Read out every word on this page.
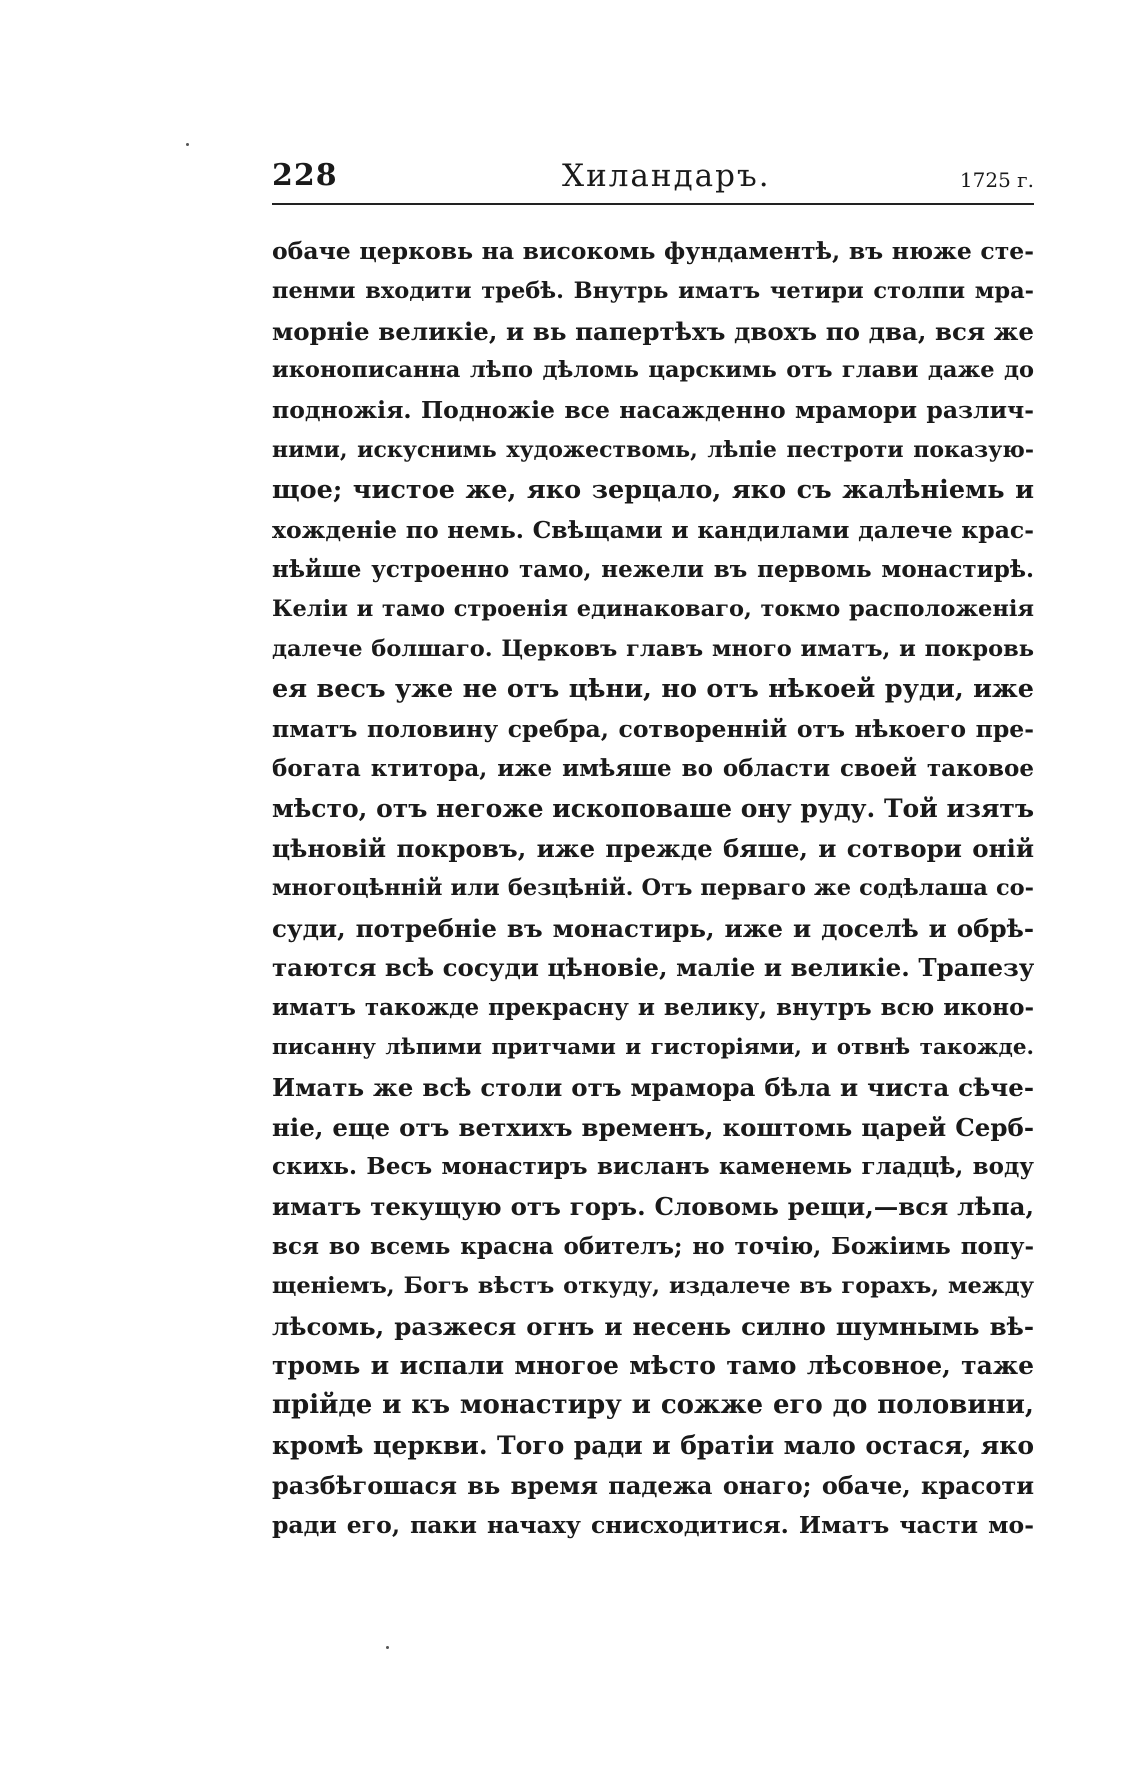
228	Хиландаръ.	1725 г.
обаче церковь на високомь фундаментѣ, въ нюже сте-
пенми входити требѣ. Внутрь иматъ четири столпи мра-
морніе великіе, и вь папертѣхъ двохъ по два, вся же
иконописанна лѣпо дѣломь царскимь отъ глави даже до
подножія. Подножіе все насажденно мрамори различ-
ними, искуснимь художествомь, лѣпіе пестроти показую-
щое; чистое же, яко зерцало, яко съ жалѣніемь и
хожденіе по немь. Свѣщами и кандилами далече крас-
нѣйше устроенно тамо, нежели въ первомь монастирѣ.
Келіи и тамо строенія единаковаго, токмо расположенія
далече болшаго. Церковъ главъ много иматъ, и покровь
ея весъ уже не отъ цѣни, но отъ нѣкоей руди, иже
пматъ половину сребра, сотвореннiй отъ нѣкоего пре-
богата ктитора, иже имѣяше во области своей таковое
мѣсто, отъ негоже ископоваше ону руду. Той изятъ
цѣновій покровъ, иже прежде бяше, и сотвори оній
многоцѣнній или безцѣній. Отъ перваго же содѣлаша со-
суди, потребніе въ монастирь, иже и доселѣ и обрѣ-
таются всѣ сосуди цѣновіе, маліе и великіе. Трапезу
иматъ такожде прекрасну и велику, внутръ всю иконо-
писанну лѣпими притчами и гисторіями, и отвнѣ такожде.
Имать же всѣ столи отъ мрамора бѣла и чиста сѣче-
ніе, еще отъ ветхихъ временъ, коштомь царей Серб-
скихь. Весъ монастиръ висланъ каменемь гладцѣ, воду
иматъ текущую отъ горъ. Словомь рещи,—вся лѣпа,
вся во всемь красна обителъ; но точію, Божіимь попу-
щеніемъ, Богъ вѣстъ откуду, издалече въ горахъ, между
лѣсомь, разжеся огнъ и несень силно шумнымь вѣ-
тромь и испали многое мѣсто тамо лѣсовное, таже
прійде и къ монастиру и сожже его до половини,
кромѣ церкви. Того ради и братіи мало остася, яко
разбѣгошася вь время падежа онаго; обаче, красоти
ради его, паки начаху снисходитися. Иматъ части мо-
